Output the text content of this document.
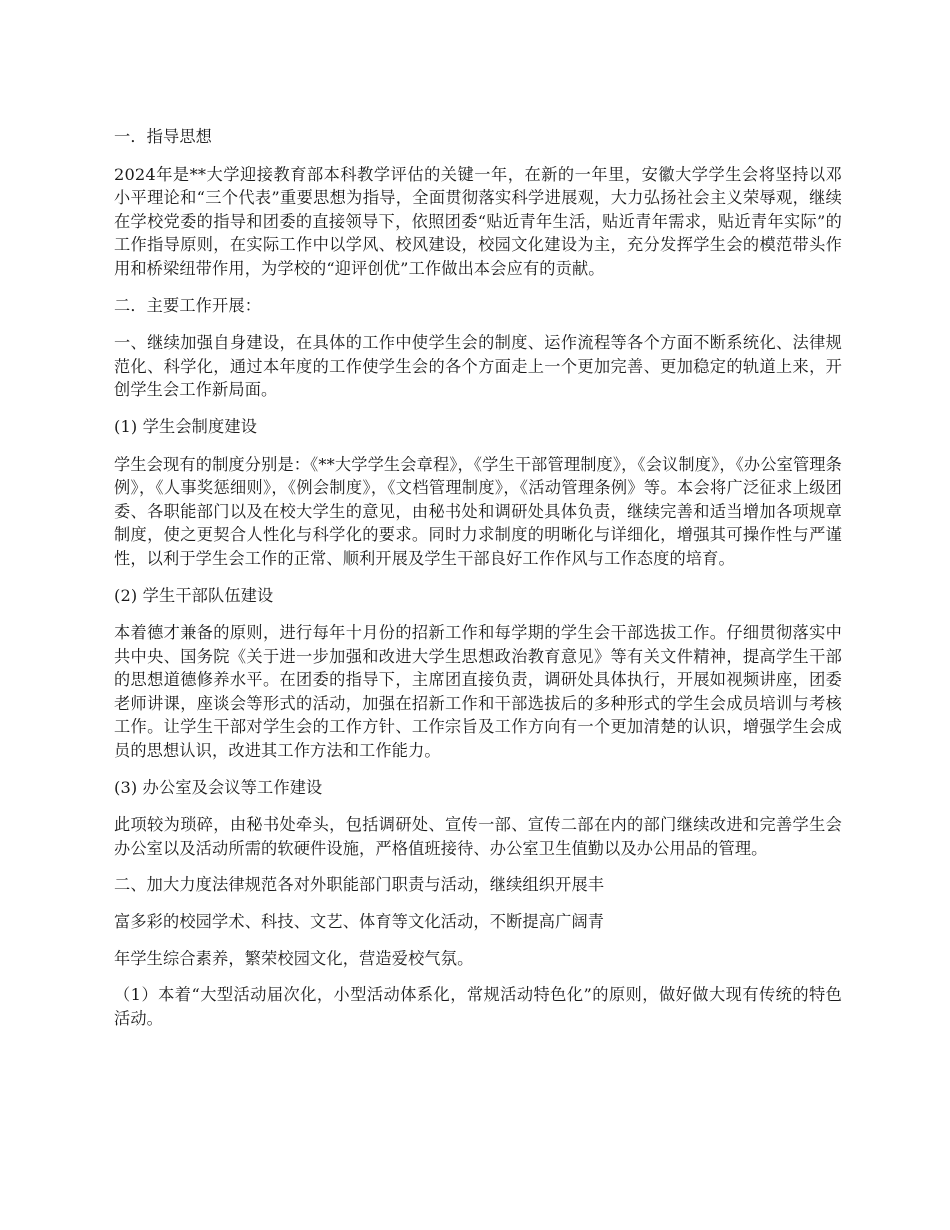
一．指导思想

2024年是**大学迎接教育部本科教学评估的关键一年，在新的一年里，安徽大学学生会将坚持以邓小平理论和“三个代表”重要思想为指导，全面贯彻落实科学进展观，大力弘扬社会主义荣辱观，继续在学校党委的指导和团委的直接领导下，依照团委“贴近青年生活，贴近青年需求，贴近青年实际”的工作指导原则，在实际工作中以学风、校风建设，校园文化建设为主，充分发挥学生会的模范带头作用和桥梁纽带作用，为学校的“迎评创优”工作做出本会应有的贡献。

二．主要工作开展：

一、继续加强自身建设，在具体的工作中使学生会的制度、运作流程等各个方面不断系统化、法律规范化、科学化，通过本年度的工作使学生会的各个方面走上一个更加完善、更加稳定的轨道上来，开创学生会工作新局面。

(1) 学生会制度建设

学生会现有的制度分别是：《**大学学生会章程》，《学生干部管理制度》，《会议制度》，《办公室管理条例》，《人事奖惩细则》，《例会制度》，《文档管理制度》，《活动管理条例》等。本会将广泛征求上级团委、各职能部门以及在校大学生的意见，由秘书处和调研处具体负责，继续完善和适当增加各项规章制度，使之更契合人性化与科学化的要求。同时力求制度的明晰化与详细化，增强其可操作性与严谨性，以利于学生会工作的正常、顺利开展及学生干部良好工作作风与工作态度的培育。

(2) 学生干部队伍建设

本着德才兼备的原则，进行每年十月份的招新工作和每学期的学生会干部选拔工作。仔细贯彻落实中共中央、国务院《关于进一步加强和改进大学生思想政治教育意见》等有关文件精神，提高学生干部的思想道德修养水平。在团委的指导下，主席团直接负责，调研处具体执行，开展如视频讲座，团委老师讲课，座谈会等形式的活动，加强在招新工作和干部选拔后的多种形式的学生会成员培训与考核工作。让学生干部对学生会的工作方针、工作宗旨及工作方向有一个更加清楚的认识，增强学生会成员的思想认识，改进其工作方法和工作能力。

(3) 办公室及会议等工作建设

此项较为琐碎，由秘书处牵头，包括调研处、宣传一部、宣传二部在内的部门继续改进和完善学生会办公室以及活动所需的软硬件设施，严格值班接待、办公室卫生值勤以及办公用品的管理。

二、加大力度法律规范各对外职能部门职责与活动，继续组织开展丰

富多彩的校园学术、科技、文艺、体育等文化活动，不断提高广阔青

年学生综合素养，繁荣校园文化，营造爱校气氛。

（1）本着“大型活动届次化，小型活动体系化，常规活动特色化”的原则，做好做大现有传统的特色活动。
